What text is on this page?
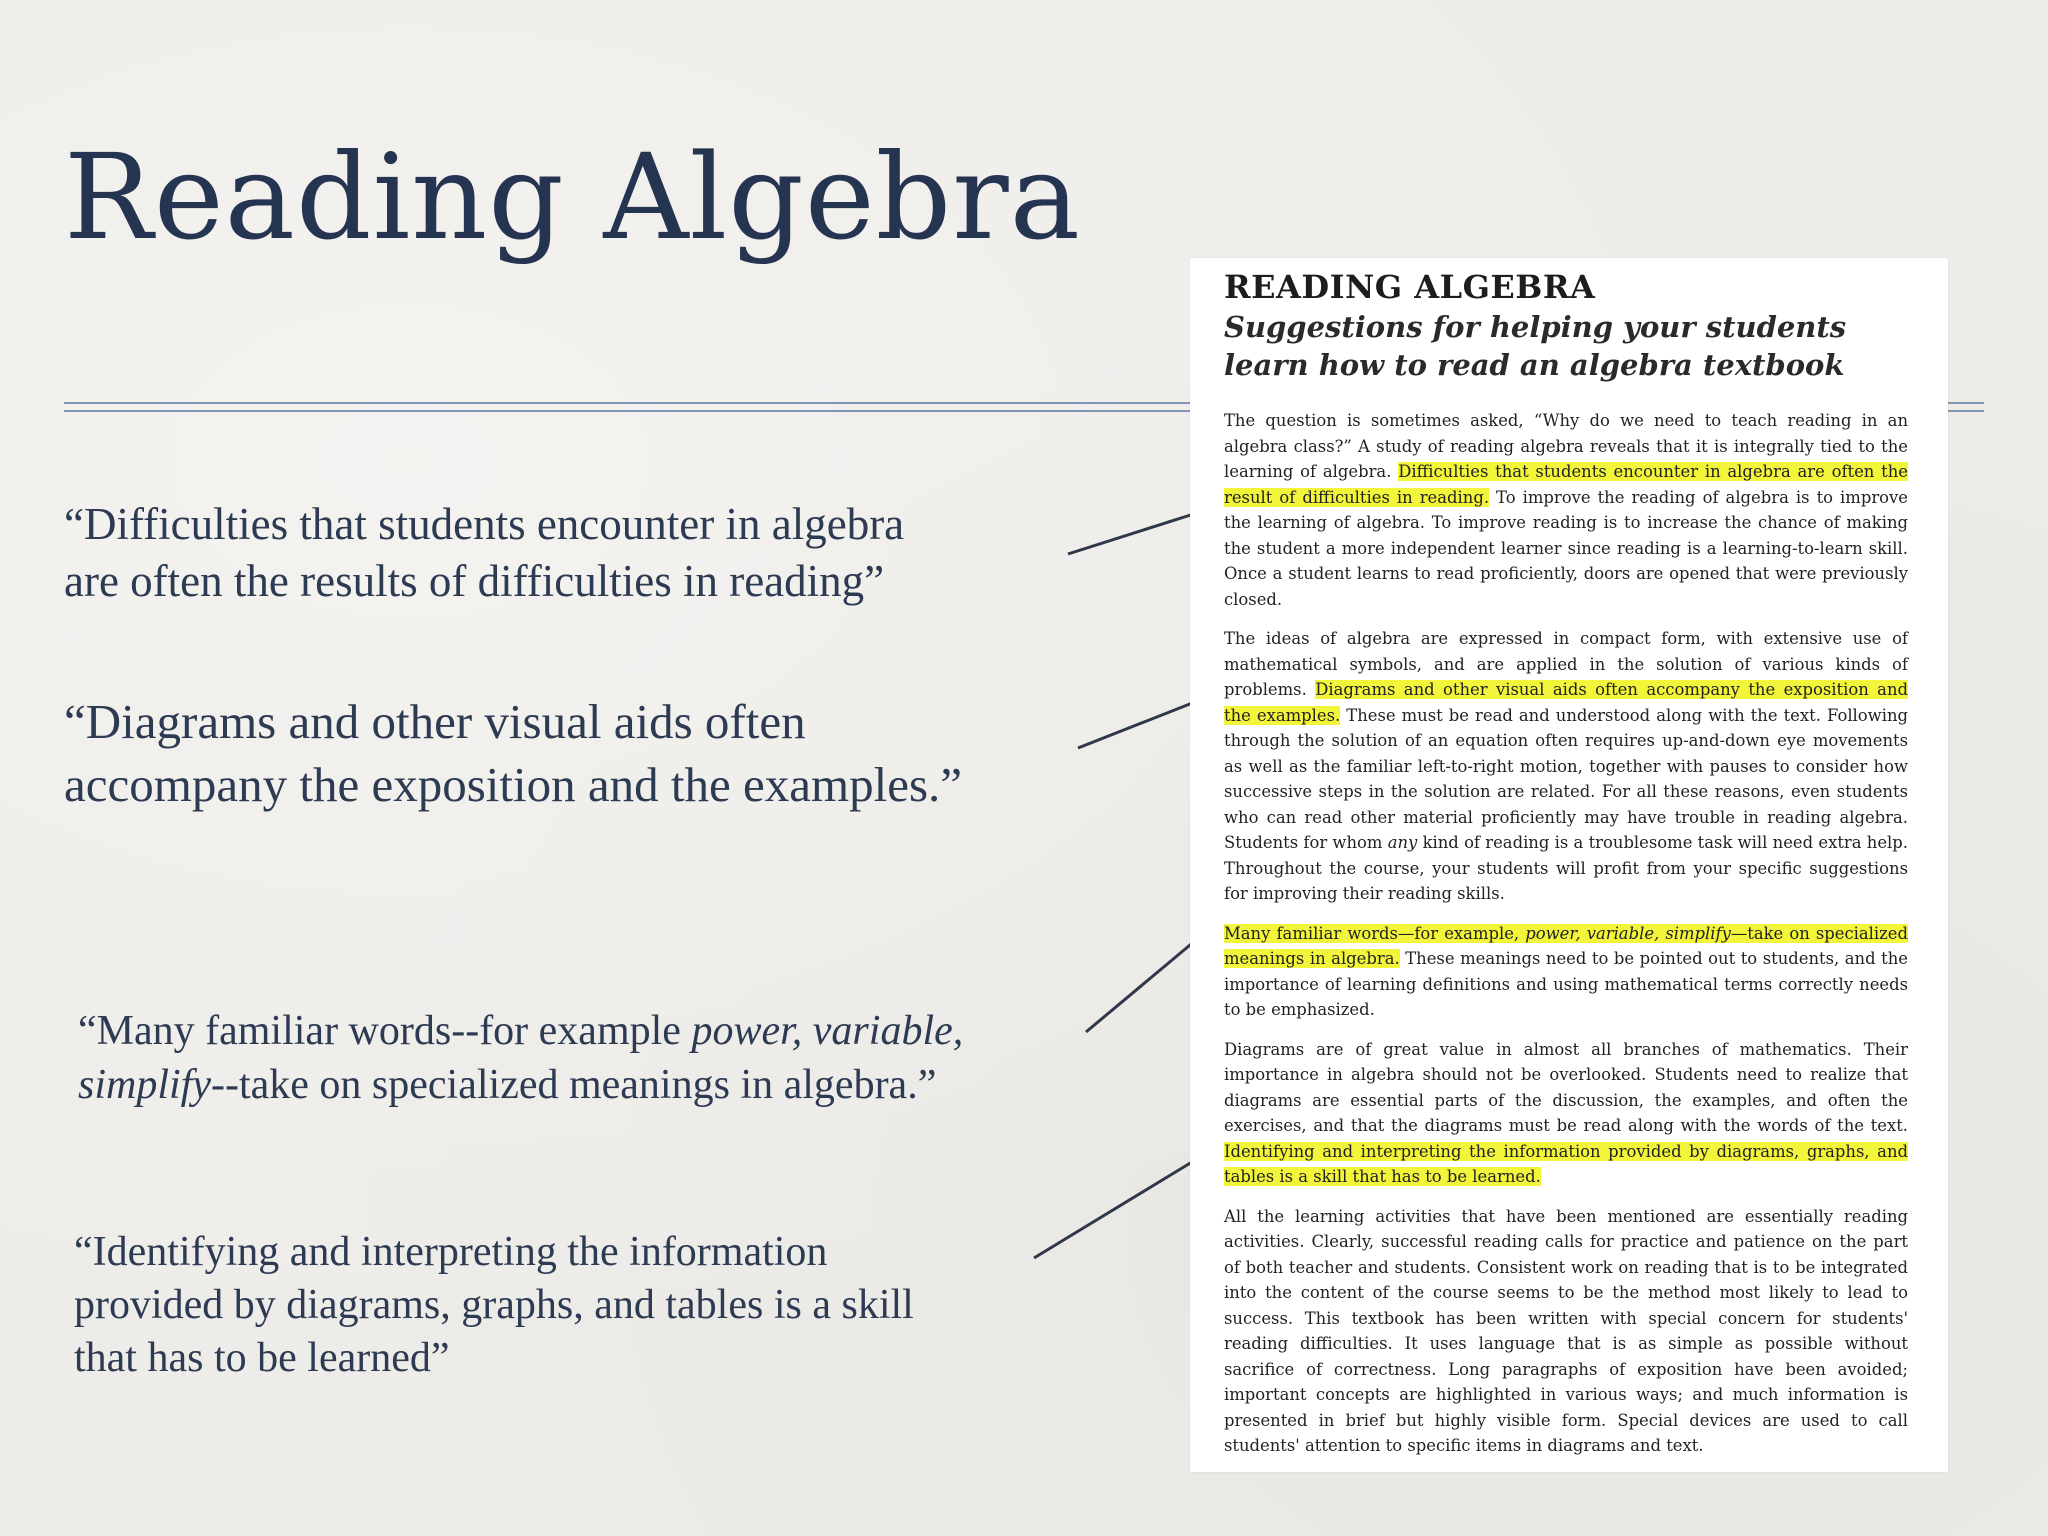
Reading Algebra

“Difficulties that students encounter in algebra
are often the results of difficulties in reading”

“Diagrams and other visual aids often
accompany the exposition and the examples.”

“Many familiar words--for example power, variable,
simplify--take on specialized meanings in algebra.”

“Identifying and interpreting the information
provided by diagrams, graphs, and tables is a skill
that has to be learned”

READING ALGEBRA
Suggestions for helping your students
learn how to read an algebra textbook

The question is sometimes asked, “Why do we need to teach reading in an algebra class?” A study of reading algebra reveals that it is integrally tied to the learning of algebra. Difficulties that students encounter in algebra are often the result of difficulties in reading. To improve the reading of algebra is to improve the learning of algebra. To improve reading is to increase the chance of making the student a more independent learner since reading is a learning-to-learn skill. Once a student learns to read proficiently, doors are opened that were previously closed.

The ideas of algebra are expressed in compact form, with extensive use of mathematical symbols, and are applied in the solution of various kinds of problems. Diagrams and other visual aids often accompany the exposition and the examples. These must be read and understood along with the text. Following through the solution of an equation often requires up-and-down eye movements as well as the familiar left-to-right motion, together with pauses to consider how successive steps in the solution are related. For all these reasons, even students who can read other material proficiently may have trouble in reading algebra. Students for whom any kind of reading is a troublesome task will need extra help. Throughout the course, your students will profit from your specific suggestions for improving their reading skills.

Many familiar words—for example, power, variable, simplify—take on specialized meanings in algebra. These meanings need to be pointed out to students, and the importance of learning definitions and using mathematical terms correctly needs to be emphasized.

Diagrams are of great value in almost all branches of mathematics. Their importance in algebra should not be overlooked. Students need to realize that diagrams are essential parts of the discussion, the examples, and often the exercises, and that the diagrams must be read along with the words of the text. Identifying and interpreting the information provided by diagrams, graphs, and tables is a skill that has to be learned.

All the learning activities that have been mentioned are essentially reading activities. Clearly, successful reading calls for practice and patience on the part of both teacher and students. Consistent work on reading that is to be integrated into the content of the course seems to be the method most likely to lead to success. This textbook has been written with special concern for students' reading difficulties. It uses language that is as simple as possible without sacrifice of correctness. Long paragraphs of exposition have been avoided; important concepts are highlighted in various ways; and much information is presented in brief but highly visible form. Special devices are used to call students' attention to specific items in diagrams and text.
